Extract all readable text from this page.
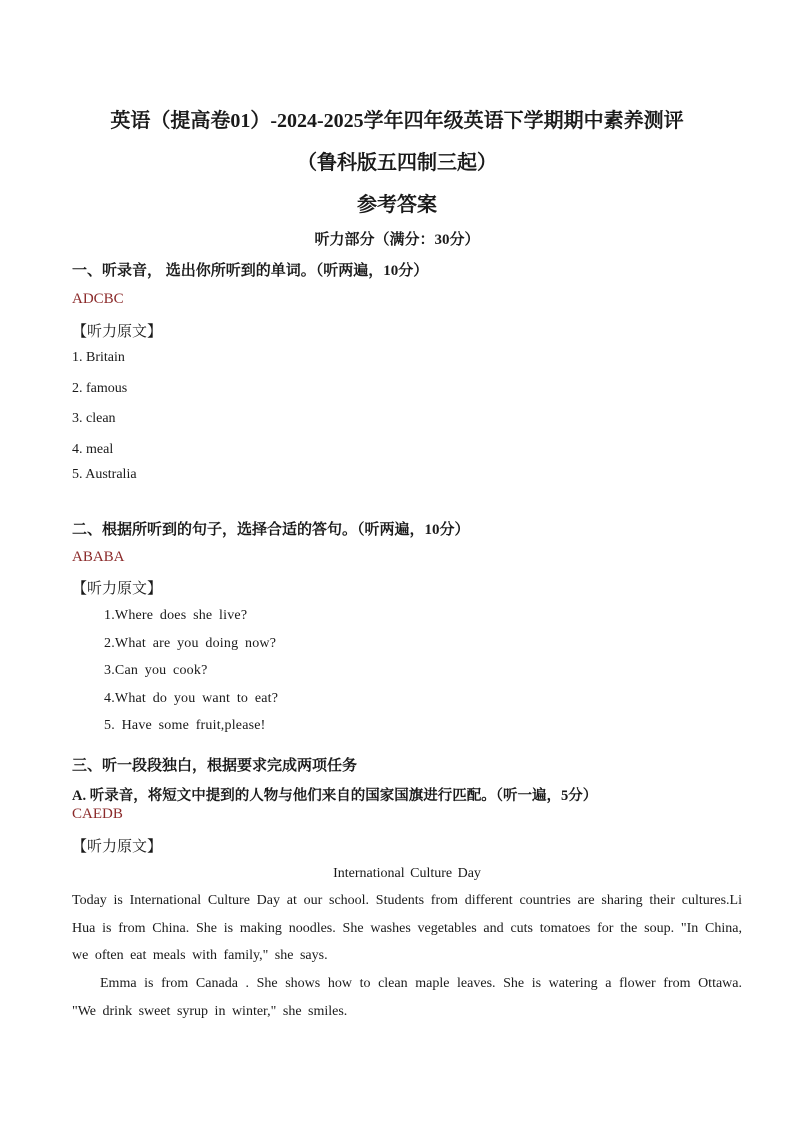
英语（提高卷01）-2024-2025学年四年级英语下学期期中素养测评
（鲁科版五四制三起）
参考答案
听力部分（满分：30分）
一、听录音， 选出你所听到的单词。（听两遍，10分）
ADCBC
【听力原文】
1. Britain
2. famous
3. clean
4. meal
5. Australia
二、根据所听到的句子，选择合适的答句。（听两遍，10分）
ABABA
【听力原文】
1.Where does she live?
2.What are you doing now?
3.Can you cook?
4.What do you want to eat?
5. Have some fruit,please!
三、听一段段独白，根据要求完成两项任务
A. 听录音，将短文中提到的人物与他们来自的国家国旗进行匹配。（听一遍，5分）
CAEDB
【听力原文】
International Culture Day
Today is International Culture Day at our school. Students from different countries are sharing their cultures.Li Hua is from China. She is making noodles. She washes vegetables and cuts tomatoes for the soup. "In China, we often eat meals with family," she says.
Emma is from Canada . She shows how to clean maple leaves. She is watering a flower from Ottawa. "We drink sweet syrup in winter," she smiles.
